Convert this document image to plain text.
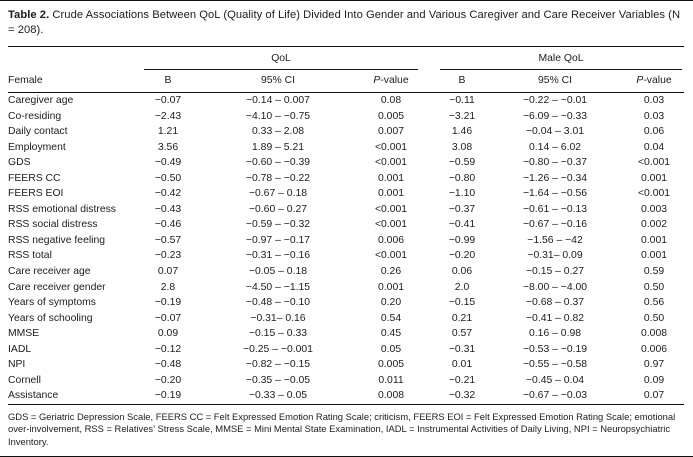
Table 2. Crude Associations Between QoL (Quality of Life) Divided Into Gender and Various Caregiver and Care Receiver Variables (N = 208).

	QoL				Male QoL		

Female	B	95% CI	P-value		B	95% CI	P-value
Caregiver age	−0.07	−0.14 – 0.007	0.08		−0.11	−0.22 – −0.01	0.03
Co-residing	−2.43	−4.10 – −0.75	0.005		−3.21	−6.09 – −0.33	0.03
Daily contact	1.21	0.33 – 2.08	0.007		1.46	−0.04 – 3.01	0.06
Employment	3.56	1.89 – 5.21	<0.001		3.08	0.14 – 6.02	0.04
GDS	−0.49	−0.60 – −0.39	<0.001		−0.59	−0.80 – −0.37	<0.001
FEERS CC	−0.50	−0.78 – −0.22	0.001		−0.80	−1.26 – −0.34	0.001
FEERS EOI	−0.42	−0.67 – 0.18	0.001		−1.10	−1.64 – −0.56	<0.001
RSS emotional distress	−0.43	−0.60 – 0.27	<0.001		−0.37	−0.61 – −0.13	0.003
RSS social distress	−0.46	−0.59 – −0.32	<0.001		−0.41	−0.67 – −0.16	0.002
RSS negative feeling	−0.57	−0.97 – −0.17	0.006		−0.99	−1.56 – −42	0.001
RSS total	−0.23	−0.31 – −0.16	<0.001		−0.20	−0.31– 0.09	0.001
Care receiver age	0.07	−0.05 – 0.18	0.26		0.06	−0.15 – 0.27	0.59
Care receiver gender	2.8	−4.50 – −1.15	0.001		2.0	−8.00 – −4.00	0.50
Years of symptoms	−0.19	−0.48 – −0.10	0.20		−0.15	−0.68 – 0.37	0.56
Years of schooling	−0.07	−0.31– 0.16	0.54		0.21	−0.41 – 0.82	0.50
MMSE	0.09	−0.15 – 0.33	0.45		0.57	0.16 – 0.98	0.008
IADL	−0.12	−0.25 – −0.001	0.05		−0.31	−0.53 – −0.19	0.006
NPI	−0.48	−0.82 – −0.15	0.005		0.01	−0.55 – −0.58	0.97
Cornell	−0.20	−0.35 – −0.05	0.011		−0.21	−0.45 – 0.04	0.09
Assistance	−0.19	−0.33 – 0.05	0.008		−0.32	−0.67 – −0.03	0.07
GDS = Geriatric Depression Scale, FEERS CC = Felt Expressed Emotion Rating Scale; criticism, FEERS EOI = Felt Expressed Emotion Rating Scale; emotional over-involvement, RSS = Relatives’ Stress Scale, MMSE = Mini Mental State Examination, IADL = Instrumental Activities of Daily Living, NPI = Neuropsychiatric Inventory.
